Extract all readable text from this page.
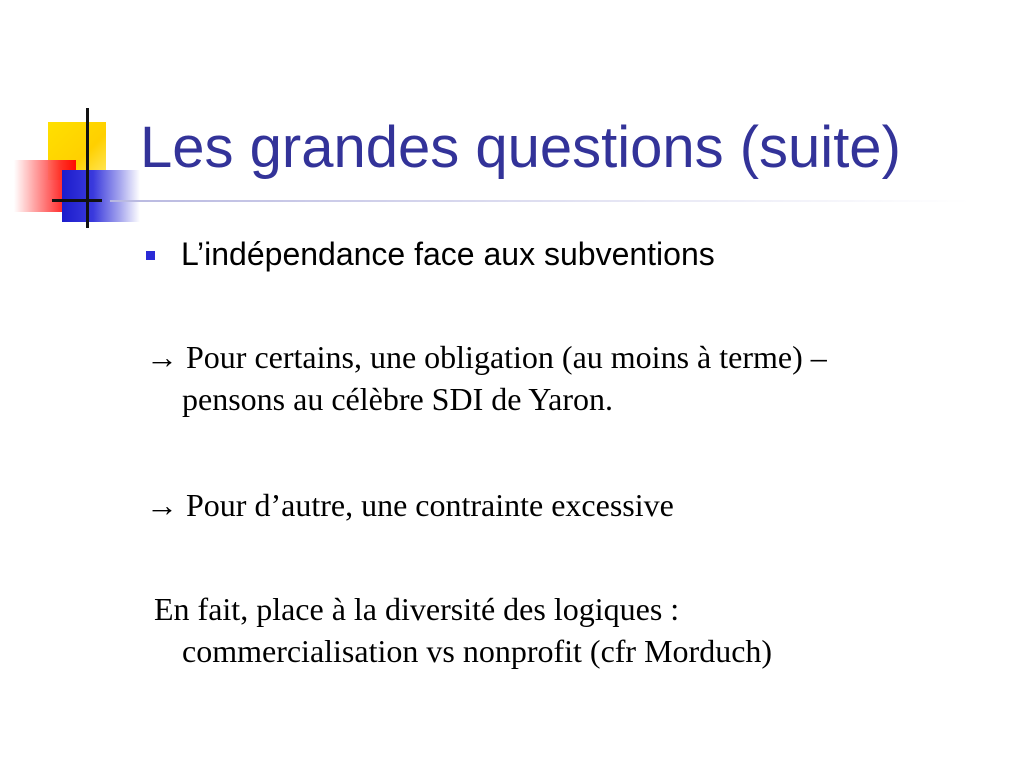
Les grandes questions (suite)
L’indépendance face aux subventions

→ Pour certains, une obligation (au moins à terme) –
pensons au célèbre SDI de Yaron.

→ Pour d’autre, une contrainte excessive

En fait, place à la diversité des logiques :
commercialisation vs nonprofit (cfr Morduch)
